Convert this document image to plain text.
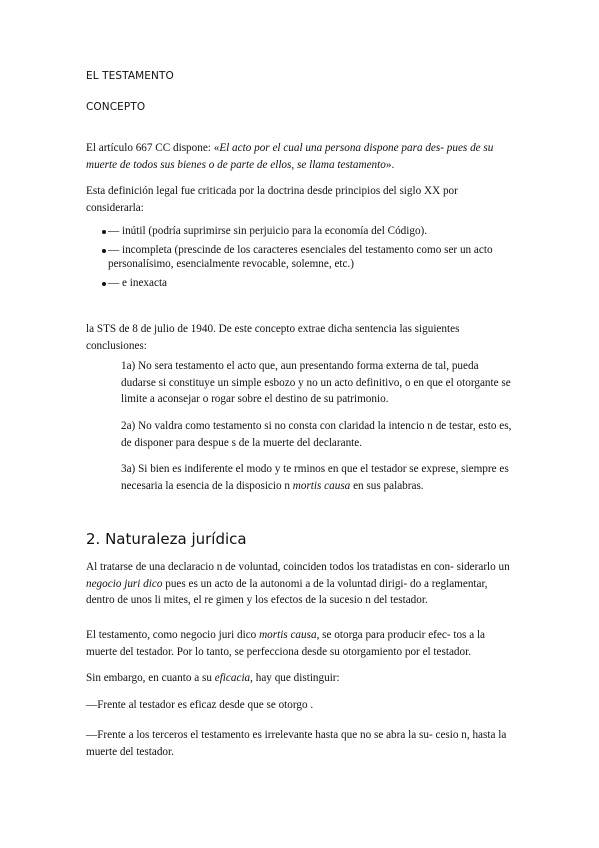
EL TESTAMENTO
CONCEPTO
El artículo 667 CC dispone: «El acto por el cual una persona dispone para des- pues de su muerte de todos sus bienes o de parte de ellos, se llama testamento».
Esta definición legal fue criticada por la doctrina desde principios del siglo XX por considerarla:
— inútil (podría suprimirse sin perjuicio para la economía del Código).
— incompleta (prescinde de los caracteres esenciales del testamento como ser un acto personalísimo, esencialmente revocable, solemne, etc.)
— e inexacta
la STS de 8 de julio de 1940. De este concepto extrae dicha sentencia las siguientes conclusiones:
1a) No sera testamento el acto que, aun presentando forma externa de tal, pueda dudarse si constituye un simple esbozo y no un acto definitivo, o en que el otorgante se limite a aconsejar o rogar sobre el destino de su patrimonio.
2a) No valdra como testamento si no consta con claridad la intencio n de testar, esto es, de disponer para despue s de la muerte del declarante.
3a) Si bien es indiferente el modo y te rminos en que el testador se exprese, siempre es necesaria la esencia de la disposicio n mortis causa en sus palabras.
2. Naturaleza jurídica
Al tratarse de una declaracio n de voluntad, coinciden todos los tratadistas en con- siderarlo un negocio juri dico pues es un acto de la autonomi a de la voluntad dirigi- do a reglamentar, dentro de unos li mites, el re gimen y los efectos de la sucesio n del testador.
El testamento, como negocio juri dico mortis causa, se otorga para producir efec- tos a la muerte del testador. Por lo tanto, se perfecciona desde su otorgamiento por el testador.
Sin embargo, en cuanto a su eficacia, hay que distinguir:
—Frente al testador es eficaz desde que se otorgo .
—Frente a los terceros el testamento es irrelevante hasta que no se abra la su- cesio n, hasta la muerte del testador.
